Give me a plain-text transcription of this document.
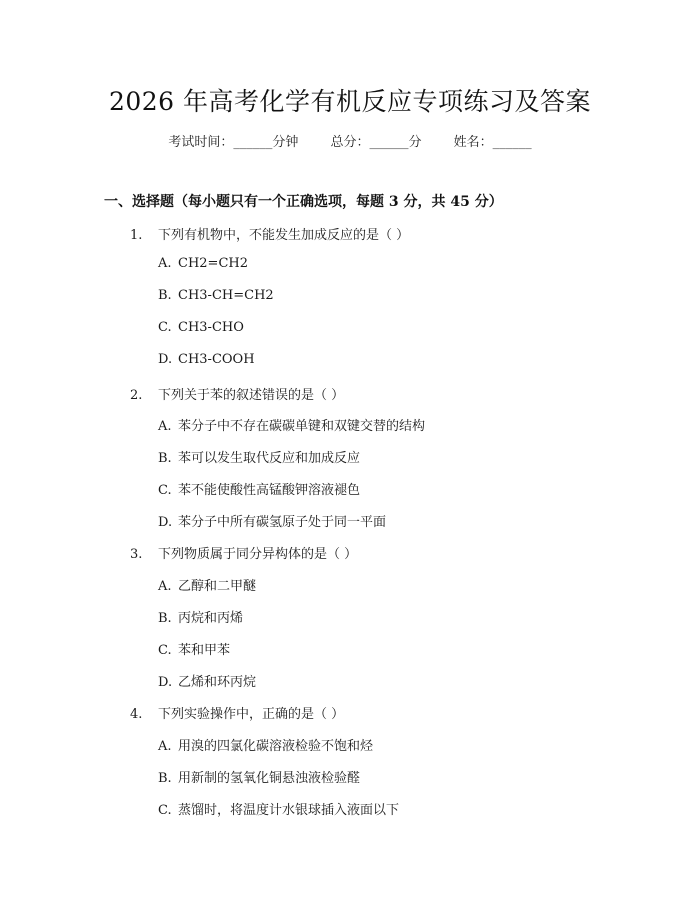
2026 年高考化学有机反应专项练习及答案
考试时间：______分钟 总分：______分 姓名：______
一、选择题（每小题只有一个正确选项，每题 3 分，共 45 分）
1. 下列有机物中，不能发生加成反应的是（ ）
A. CH2=CH2
B. CH3-CH=CH2
C. CH3-CHO
D. CH3-COOH
2. 下列关于苯的叙述错误的是（ ）
A. 苯分子中不存在碳碳单键和双键交替的结构
B. 苯可以发生取代反应和加成反应
C. 苯不能使酸性高锰酸钾溶液褪色
D. 苯分子中所有碳氢原子处于同一平面
3. 下列物质属于同分异构体的是（ ）
A. 乙醇和二甲醚
B. 丙烷和丙烯
C. 苯和甲苯
D. 乙烯和环丙烷
4. 下列实验操作中，正确的是（ ）
A. 用溴的四氯化碳溶液检验不饱和烃
B. 用新制的氢氧化铜悬浊液检验醛
C. 蒸馏时，将温度计水银球插入液面以下
